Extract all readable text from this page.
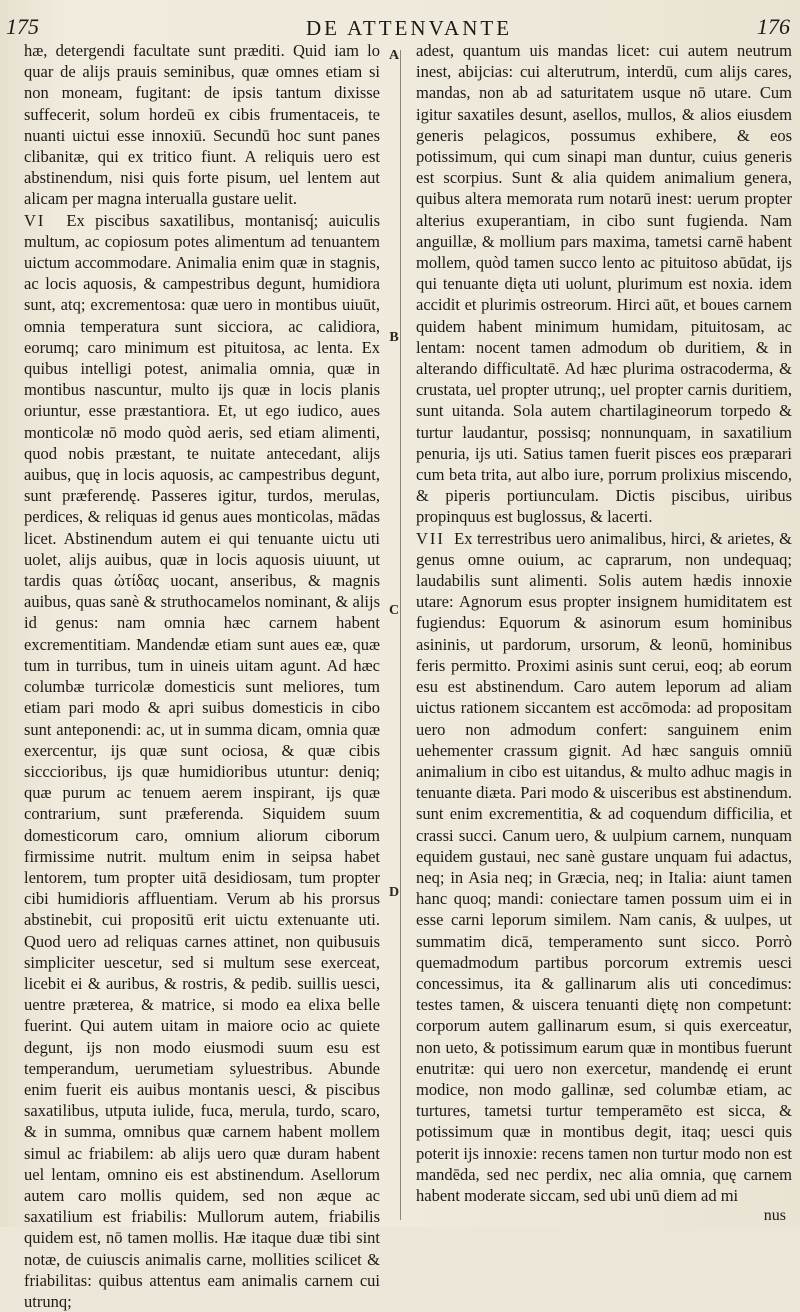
175	DE ATTENVANTE	176

hæ, detergendi facultate sunt præditi. Quid iam lo quar de alijs prauis seminibus, quæ omnes etiam si non moneam, fugitant: de ipsis tantum dixisse suffecerit, solum hordeū ex cibis frumentaceis, te nuanti uictui esse innoxiū. Secundū hoc sunt panes clibanitæ, qui ex tritico fiunt. A reliquis uero est abstinendum, nisi quis forte pisum, uel lentem aut alicam per magna interualla gustare uelit.

VI Ex piscibus saxatilibus, montanisq́; auiculis multum, ac copiosum potes alimentum ad tenuantem uictum accommodare. Animalia enim quæ in stagnis, ac locis aquosis, & campestribus degunt, humidiora sunt, atq; excrementosa: quæ uero in montibus uiuūt, omnia temperatura sunt sicciora, ac calidiora, eorumq; caro minimum est pituitosa, ac lenta. Ex quibus intelligi potest, animalia omnia, quæ in montibus nascuntur, multo ijs quæ in locis planis oriuntur, esse præstantiora. Et, ut ego iudico, aues monticolæ nō modo quòd aeris, sed etiam alimenti, quod nobis præstant, te nuitate antecedant, alijs auibus, quę in locis aquosis, ac campestribus degunt, sunt præferendę. Passeres igitur, turdos, merulas, perdices, & reliquas id genus aues monticolas, mādas licet. Abstinendum autem ei qui tenuante uictu uti uolet, alijs auibus, quæ in locis aquosis uiuunt, ut tardis quas ὠτίδας uocant, anseribus, & magnis auibus, quas sanè & struthocamelos nominant, & alijs id genus: nam omnia hæc carnem habent excrementitiam. Mandendæ etiam sunt aues eæ, quæ tum in turribus, tum in uineis uitam agunt. Ad hæc columbæ turricolæ domesticis sunt meliores, tum etiam pari modo & apri suibus domesticis in cibo sunt anteponendi: ac, ut in summa dicam, omnia quæ exercentur, ijs quæ sunt ociosa, & quæ cibis sicccioribus, ijs quæ humidioribus utuntur: deniq; quæ purum ac tenuem aerem inspirant, ijs quæ contrarium, sunt præferenda. Siquidem suum domesticorum caro, omnium aliorum ciborum firmissime nutrit. multum enim in seipsa habet lentorem, tum propter uitā desidiosam, tum propter cibi humidioris affluentiam. Verum ab his prorsus abstinebit, cui propositū erit uictu extenuante uti. Quod uero ad reliquas carnes attinet, non quibusuis simpliciter uescetur, sed si multum sese exerceat, licebit ei & auribus, & rostris, & pedib. suillis uesci, uentre præterea, & matrice, si modo ea elixa belle fuerint. Qui autem uitam in maiore ocio ac quiete degunt, ijs non modo eiusmodi suum esu est temperandum, uerumetiam syluestribus. Abunde enim fuerit eis auibus montanis uesci, & piscibus saxatilibus, utputa iulide, fuca, merula, turdo, scaro, & in summa, omnibus quæ carnem habent mollem simul ac friabilem: ab alijs uero quæ duram habent uel lentam, omnino eis est abstinendum. Asellorum autem caro mollis quidem, sed non æque ac saxatilium est friabilis: Mullorum autem, friabilis quidem est, nō tamen mollis. Hæ itaque duæ tibi sint notæ, de cuiuscis animalis carne, mollities scilicet & friabilitas: quibus attentus eam animalis carnem cui utrunq;

A
B
C
D

adest, quantum uis mandas licet: cui autem neutrum inest, abijcias: cui alterutrum, interdū, cum alijs cares, mandas, non ab ad saturitatem usque nō utare. Cum igitur saxatiles desunt, asellos, mullos, & alios eiusdem generis pelagicos, possumus exhibere, & eos potissimum, qui cum sinapi man duntur, cuius generis est scorpius. Sunt & alia quidem animalium genera, quibus altera memorata rum notarū inest: uerum propter alterius exuperantiam, in cibo sunt fugienda. Nam anguillæ, & mollium pars maxima, tametsi carnē habent mollem, quòd tamen succo lento ac pituitoso abūdat, ijs qui tenuante dięta uti uolunt, plurimum est noxia. idem accidit et plurimis ostreorum. Hirci aūt, et boues carnem quidem habent minimum humidam, pituitosam, ac lentam: nocent tamen admodum ob duritiem, & in alterando difficultatē. Ad hæc plurima ostracoderma, & crustata, uel propter utrunq;, uel propter carnis duritiem, sunt uitanda. Sola autem chartilagineorum torpedo & turtur laudantur, possisq; nonnunquam, in saxatilium penuria, ijs uti. Satius tamen fuerit pisces eos præparari cum beta trita, aut albo iure, porrum prolixius miscendo, & piperis portiunculam. Dictis piscibus, uiribus propinquus est buglossus, & lacerti.

VII Ex terrestribus uero animalibus, hirci, & arietes, & genus omne ouium, ac caprarum, non undequaq; laudabilis sunt alimenti. Solis autem hædis innoxie utare: Agnorum esus propter insignem humiditatem est fugiendus: Equorum & asinorum esum hominibus asininis, ut pardorum, ursorum, & leonū, hominibus feris permitto. Proximi asinis sunt cerui, eoq; ab eorum esu est abstinendum. Caro autem leporum ad aliam uictus rationem siccantem est accōmoda: ad propositam uero non admodum confert: sanguinem enim uehementer crassum gignit. Ad hæc sanguis omniū animalium in cibo est uitandus, & multo adhuc magis in tenuante diæta. Pari modo & uisceribus est abstinendum. sunt enim excrementitia, & ad coquendum difficilia, et crassi succi. Canum uero, & uulpium carnem, nunquam equidem gustaui, nec sanè gustare unquam fui adactus, neq; in Asia neq; in Græcia, neq; in Italia: aiunt tamen hanc quoq; mandi: coniectare tamen possum uim ei in esse carni leporum similem. Nam canis, & uulpes, ut summatim dicā, temperamento sunt sicco. Porrò quemadmodum partibus porcorum extremis uesci concessimus, ita & gallinarum alis uti concedimus: testes tamen, & uiscera tenuanti diętę non competunt: corporum autem gallinarum esum, si quis exerceatur, non ueto, & potissimum earum quæ in montibus fuerunt enutritæ: qui uero non exercetur, mandendę ei erunt modice, non modo gallinæ, sed columbæ etiam, ac turtures, tametsi turtur temperamēto est sicca, & potissimum quæ in montibus degit, itaq; uesci quis poterit ijs innoxie: recens tamen non turtur modo non est mandēda, sed nec perdix, nec alia omnia, quę carnem habent moderate siccam, sed ubi unū diem ad mi

nus
